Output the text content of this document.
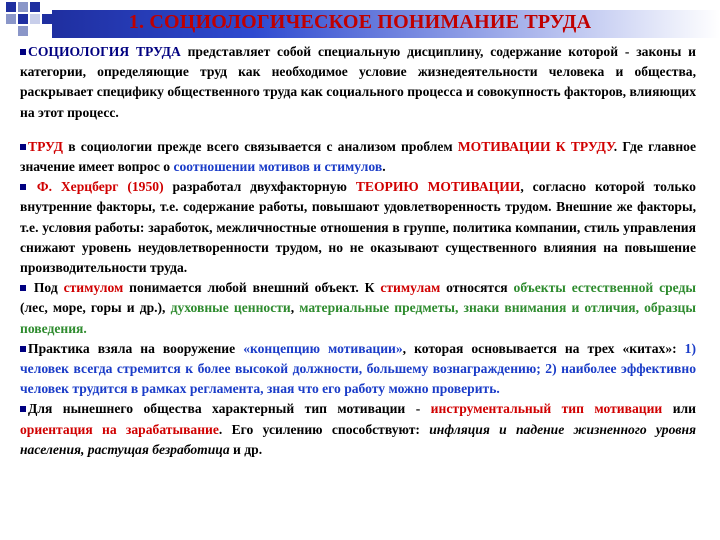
1. СОЦИОЛОГИЧЕСКОЕ ПОНИМАНИЕ ТРУДА

СОЦИОЛОГИЯ ТРУДА представляет собой специальную дисциплину, содержание которой - законы и категории, определяющие труд как необходимое условие жизнедеятельности человека и общества, раскрывает специфику общественного труда как социального процесса и совокупность факторов, влияющих на этот процесс.

ТРУД в социологии прежде всего связывается с анализом проблем МОТИВАЦИИ К ТРУДУ. Где главное значение имеет вопрос о соотношении мотивов и стимулов.

Ф. Херцберг (1950) разработал двухфакторную ТЕОРИЮ МОТИВАЦИИ, согласно которой только внутренние факторы, т.е. содержание работы, повышают удовлетворенность трудом. Внешние же факторы, т.е. условия работы: заработок, межличностные отношения в группе, политика компании, стиль управления снижают уровень неудовлетворенности трудом, но не оказывают существенного влияния на повышение производительности труда.

Под стимулом понимается любой внешний объект. К стимулам относятся объекты естественной среды (лес, море, горы и др.), духовные ценности, материальные предметы, знаки внимания и отличия, образцы поведения.

Практика взяла на вооружение «концепцию мотивации», которая основывается на трех «китах»: 1) человек всегда стремится к более высокой должности, большему вознаграждению; 2) наиболее эффективно человек трудится в рамках регламента, зная что его работу можно проверить.

Для нынешнего общества характерный тип мотивации - инструментальный тип мотивации или ориентация на зарабатывание. Его усилению способствуют: инфляция и падение жизненного уровня населения, растущая безработица и др.
